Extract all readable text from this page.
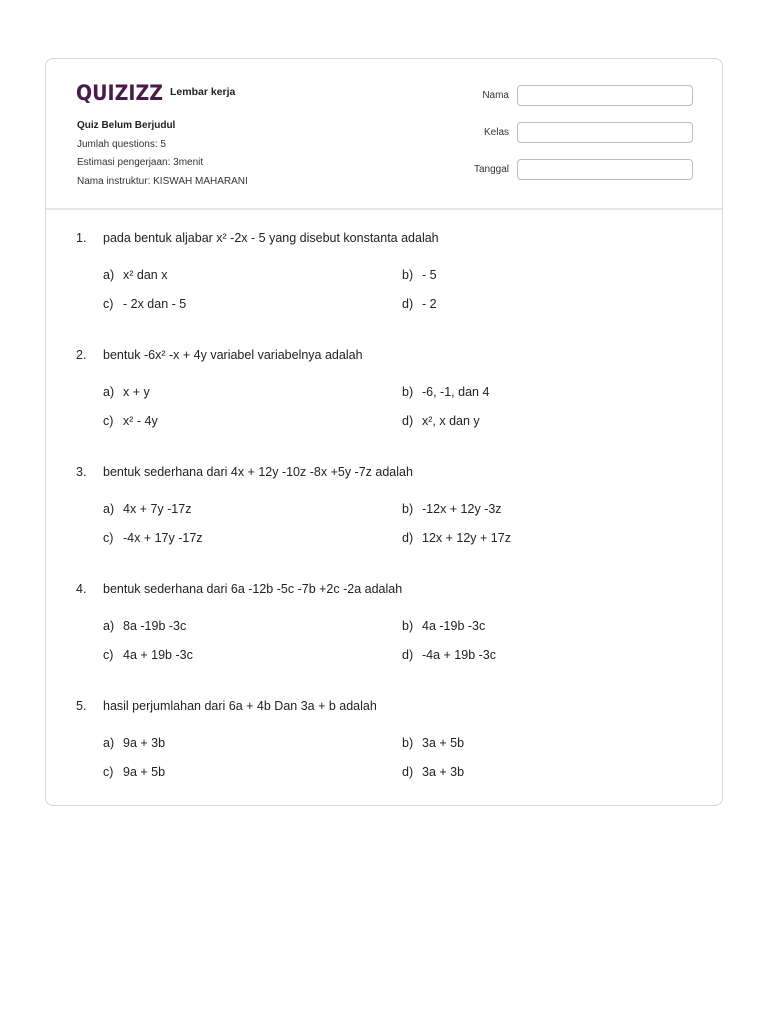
QUIZIZZ Lembar kerja
Quiz Belum Berjudul
Jumlah questions: 5
Estimasi pengerjaan: 3menit
Nama instruktur: KISWAH MAHARANI
Nama
Kelas
Tanggal
1. pada bentuk aljabar x² -2x - 5 yang disebut konstanta adalah
a) x² dan x	b) - 5
c) - 2x dan - 5	d) - 2
2. bentuk -6x² -x + 4y variabel variabelnya adalah
a) x + y	b) -6, -1, dan 4
c) x² - 4y	d) x², x dan y
3. bentuk sederhana dari 4x + 12y -10z -8x +5y -7z adalah
a) 4x + 7y -17z	b) -12x + 12y -3z
c) -4x + 17y -17z	d) 12x + 12y + 17z
4. bentuk sederhana dari 6a -12b -5c -7b +2c -2a adalah
a) 8a -19b -3c	b) 4a -19b -3c
c) 4a + 19b -3c	d) -4a + 19b -3c
5. hasil perjumlahan dari 6a + 4b Dan 3a + b adalah
a) 9a + 3b	b) 3a + 5b
c) 9a + 5b	d) 3a + 3b
